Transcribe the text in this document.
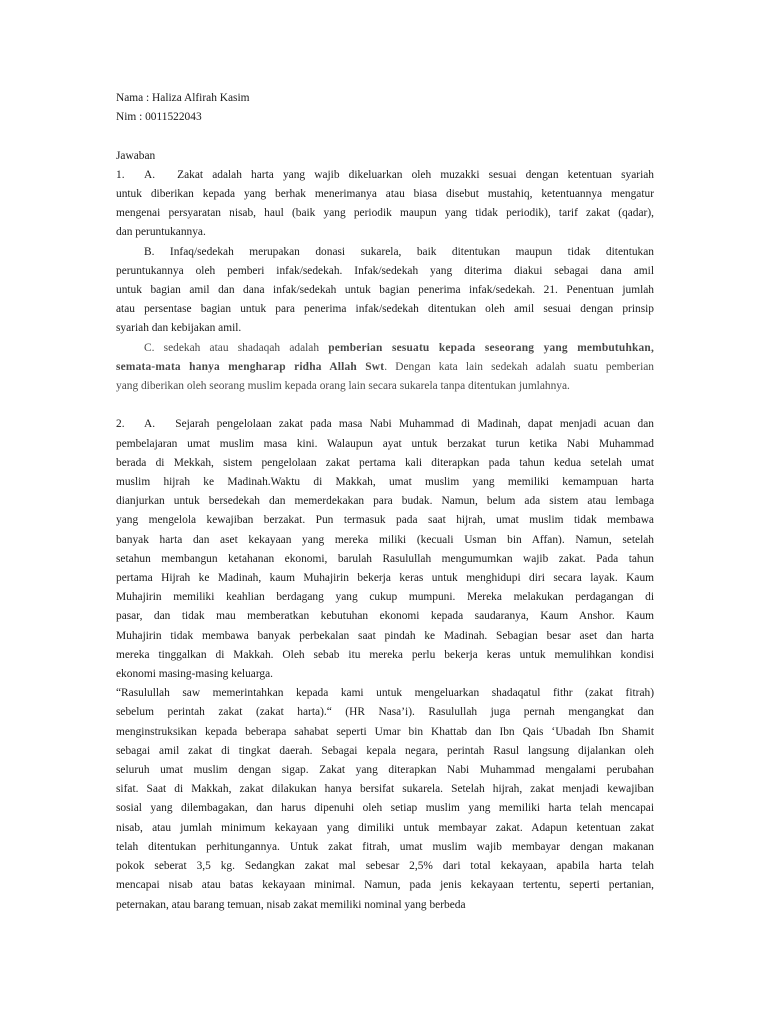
Nama : Haliza Alfirah Kasim
Nim : 0011522043
Jawaban
1. A. Zakat adalah harta yang wajib dikeluarkan oleh muzakki sesuai dengan ketentuan syariah
untuk diberikan kepada yang berhak menerimanya atau biasa disebut mustahiq, ketentuannya mengatur
mengenai persyaratan nisab, haul (baik yang periodik maupun yang tidak periodik), tarif zakat (qadar),
dan peruntukannya.
B. Infaq/sedekah merupakan donasi sukarela, baik ditentukan maupun tidak ditentukan
peruntukannya oleh pemberi infak/sedekah. Infak/sedekah yang diterima diakui sebagai dana amil
untuk bagian amil dan dana infak/sedekah untuk bagian penerima infak/sedekah. 21. Penentuan jumlah
atau persentase bagian untuk para penerima infak/sedekah ditentukan oleh amil sesuai dengan prinsip
syariah dan kebijakan amil.
C. sedekah atau shadaqah adalah pemberian sesuatu kepada seseorang yang membutuhkan,
semata-mata hanya mengharap ridha Allah Swt. Dengan kata lain sedekah adalah suatu pemberian
yang diberikan oleh seorang muslim kepada orang lain secara sukarela tanpa ditentukan jumlahnya.
2. A. Sejarah pengelolaan zakat pada masa Nabi Muhammad di Madinah, dapat menjadi acuan dan
pembelajaran umat muslim masa kini. Walaupun ayat untuk berzakat turun ketika Nabi Muhammad
berada di Mekkah, sistem pengelolaan zakat pertama kali diterapkan pada tahun kedua setelah umat
muslim hijrah ke Madinah.Waktu di Makkah, umat muslim yang memiliki kemampuan harta
dianjurkan untuk bersedekah dan memerdekakan para budak. Namun, belum ada sistem atau lembaga
yang mengelola kewajiban berzakat. Pun termasuk pada saat hijrah, umat muslim tidak membawa
banyak harta dan aset kekayaan yang mereka miliki (kecuali Usman bin Affan). Namun, setelah
setahun membangun ketahanan ekonomi, barulah Rasulullah mengumumkan wajib zakat. Pada tahun
pertama Hijrah ke Madinah, kaum Muhajirin bekerja keras untuk menghidupi diri secara layak. Kaum
Muhajirin memiliki keahlian berdagang yang cukup mumpuni. Mereka melakukan perdagangan di
pasar, dan tidak mau memberatkan kebutuhan ekonomi kepada saudaranya, Kaum Anshor. Kaum
Muhajirin tidak membawa banyak perbekalan saat pindah ke Madinah. Sebagian besar aset dan harta
mereka tinggalkan di Makkah. Oleh sebab itu mereka perlu bekerja keras untuk memulihkan kondisi
ekonomi masing-masing keluarga.
“Rasulullah saw memerintahkan kepada kami untuk mengeluarkan shadaqatul fithr (zakat fitrah)
sebelum perintah zakat (zakat harta).“ (HR Nasa’i). Rasulullah juga pernah mengangkat dan
menginstruksikan kepada beberapa sahabat seperti Umar bin Khattab dan Ibn Qais ‘Ubadah Ibn Shamit
sebagai amil zakat di tingkat daerah. Sebagai kepala negara, perintah Rasul langsung dijalankan oleh
seluruh umat muslim dengan sigap. Zakat yang diterapkan Nabi Muhammad mengalami perubahan
sifat. Saat di Makkah, zakat dilakukan hanya bersifat sukarela. Setelah hijrah, zakat menjadi kewajiban
sosial yang dilembagakan, dan harus dipenuhi oleh setiap muslim yang memiliki harta telah mencapai
nisab, atau jumlah minimum kekayaan yang dimiliki untuk membayar zakat. Adapun ketentuan zakat
telah ditentukan perhitungannya. Untuk zakat fitrah, umat muslim wajib membayar dengan makanan
pokok seberat 3,5 kg. Sedangkan zakat mal sebesar 2,5% dari total kekayaan, apabila harta telah
mencapai nisab atau batas kekayaan minimal. Namun, pada jenis kekayaan tertentu, seperti pertanian,
peternakan, atau barang temuan, nisab zakat memiliki nominal yang berbeda
